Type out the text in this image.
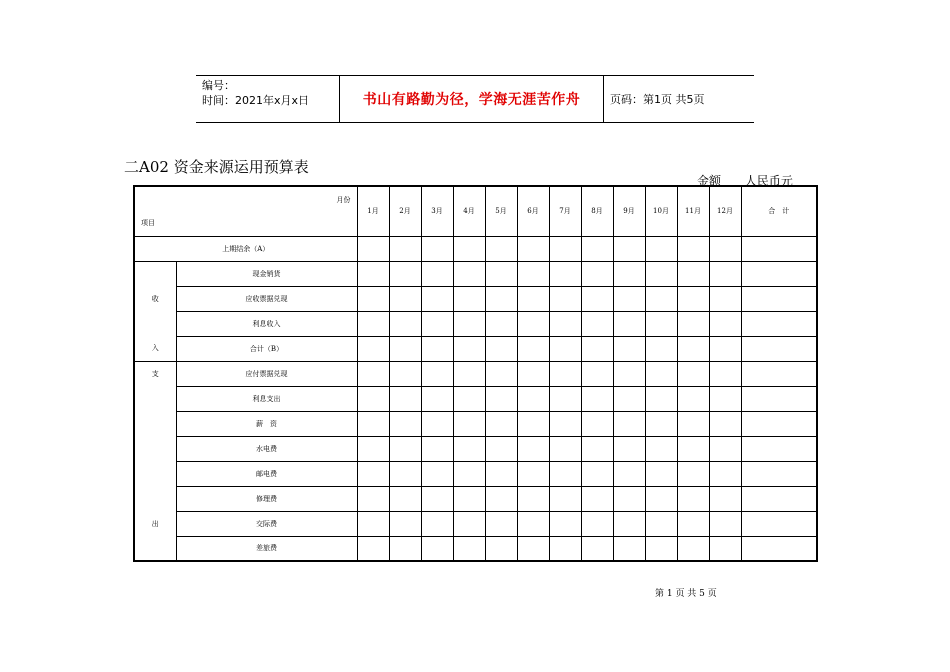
编号：
时间：2021年x月x日	书山有路勤为径，学海无涯苦作舟	页码：第1页 共5页
二A02 资金来源运用预算表
金额 人民币元
月份
项目		1月	2月	3月	4月	5月	6月	7月	8月	9月	10月	11月	12月	合　计
上期结余（A）														
	现金销货													
收	应收票据兑现													
	利息收入													
入	合计（B）													
支	应付票据兑现													
	利息支出													
	薪　资													
	水电费													
	邮电费													
	修理费													
出	交际费													
	差旅费													
第 1 页 共 5 页
